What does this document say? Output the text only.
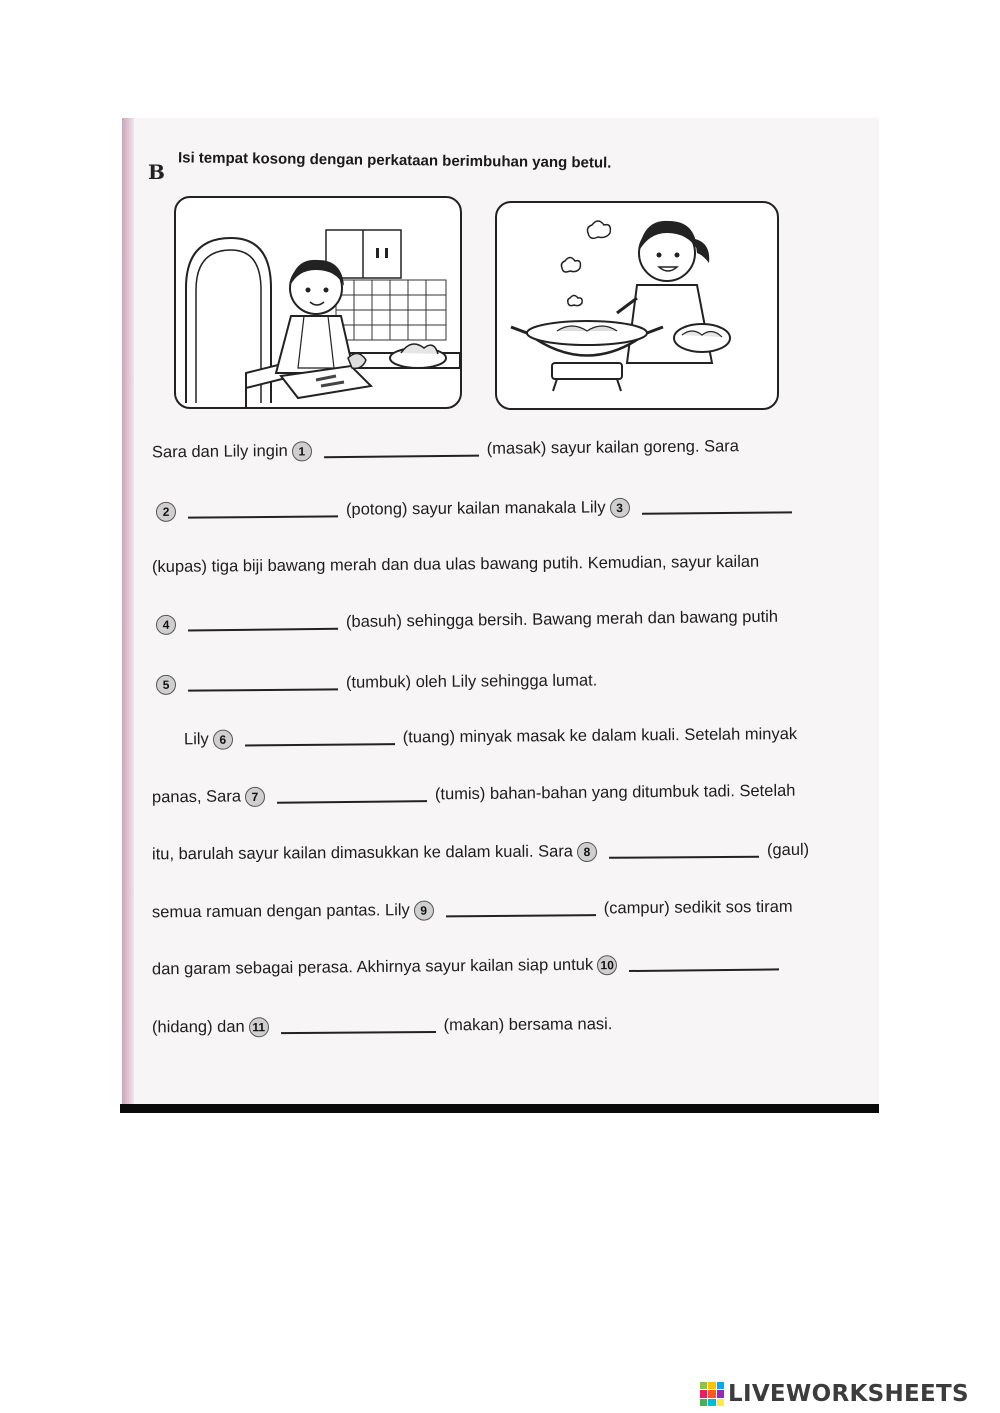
B Isi tempat kosong dengan perkataan berimbuhan yang betul.
Sara dan Lily ingin 1	(masak) sayur kailan goreng. Sara
2	(potong) sayur kailan manakala Lily 3
(kupas) tiga biji bawang merah dan dua ulas bawang putih. Kemudian, sayur kailan
4	(basuh) sehingga bersih. Bawang merah dan bawang putih
5	(tumbuk) oleh Lily sehingga lumat.
Lily 6	(tuang) minyak masak ke dalam kuali. Setelah minyak
panas, Sara 7	(tumis) bahan-bahan yang ditumbuk tadi. Setelah
itu, barulah sayur kailan dimasukkan ke dalam kuali. Sara 8	(gaul)
semua ramuan dengan pantas. Lily 9	(campur) sedikit sos tiram
dan garam sebagai perasa. Akhirnya sayur kailan siap untuk 10
(hidang) dan 11	(makan) bersama nasi.
LIVEWORKSHEETS
